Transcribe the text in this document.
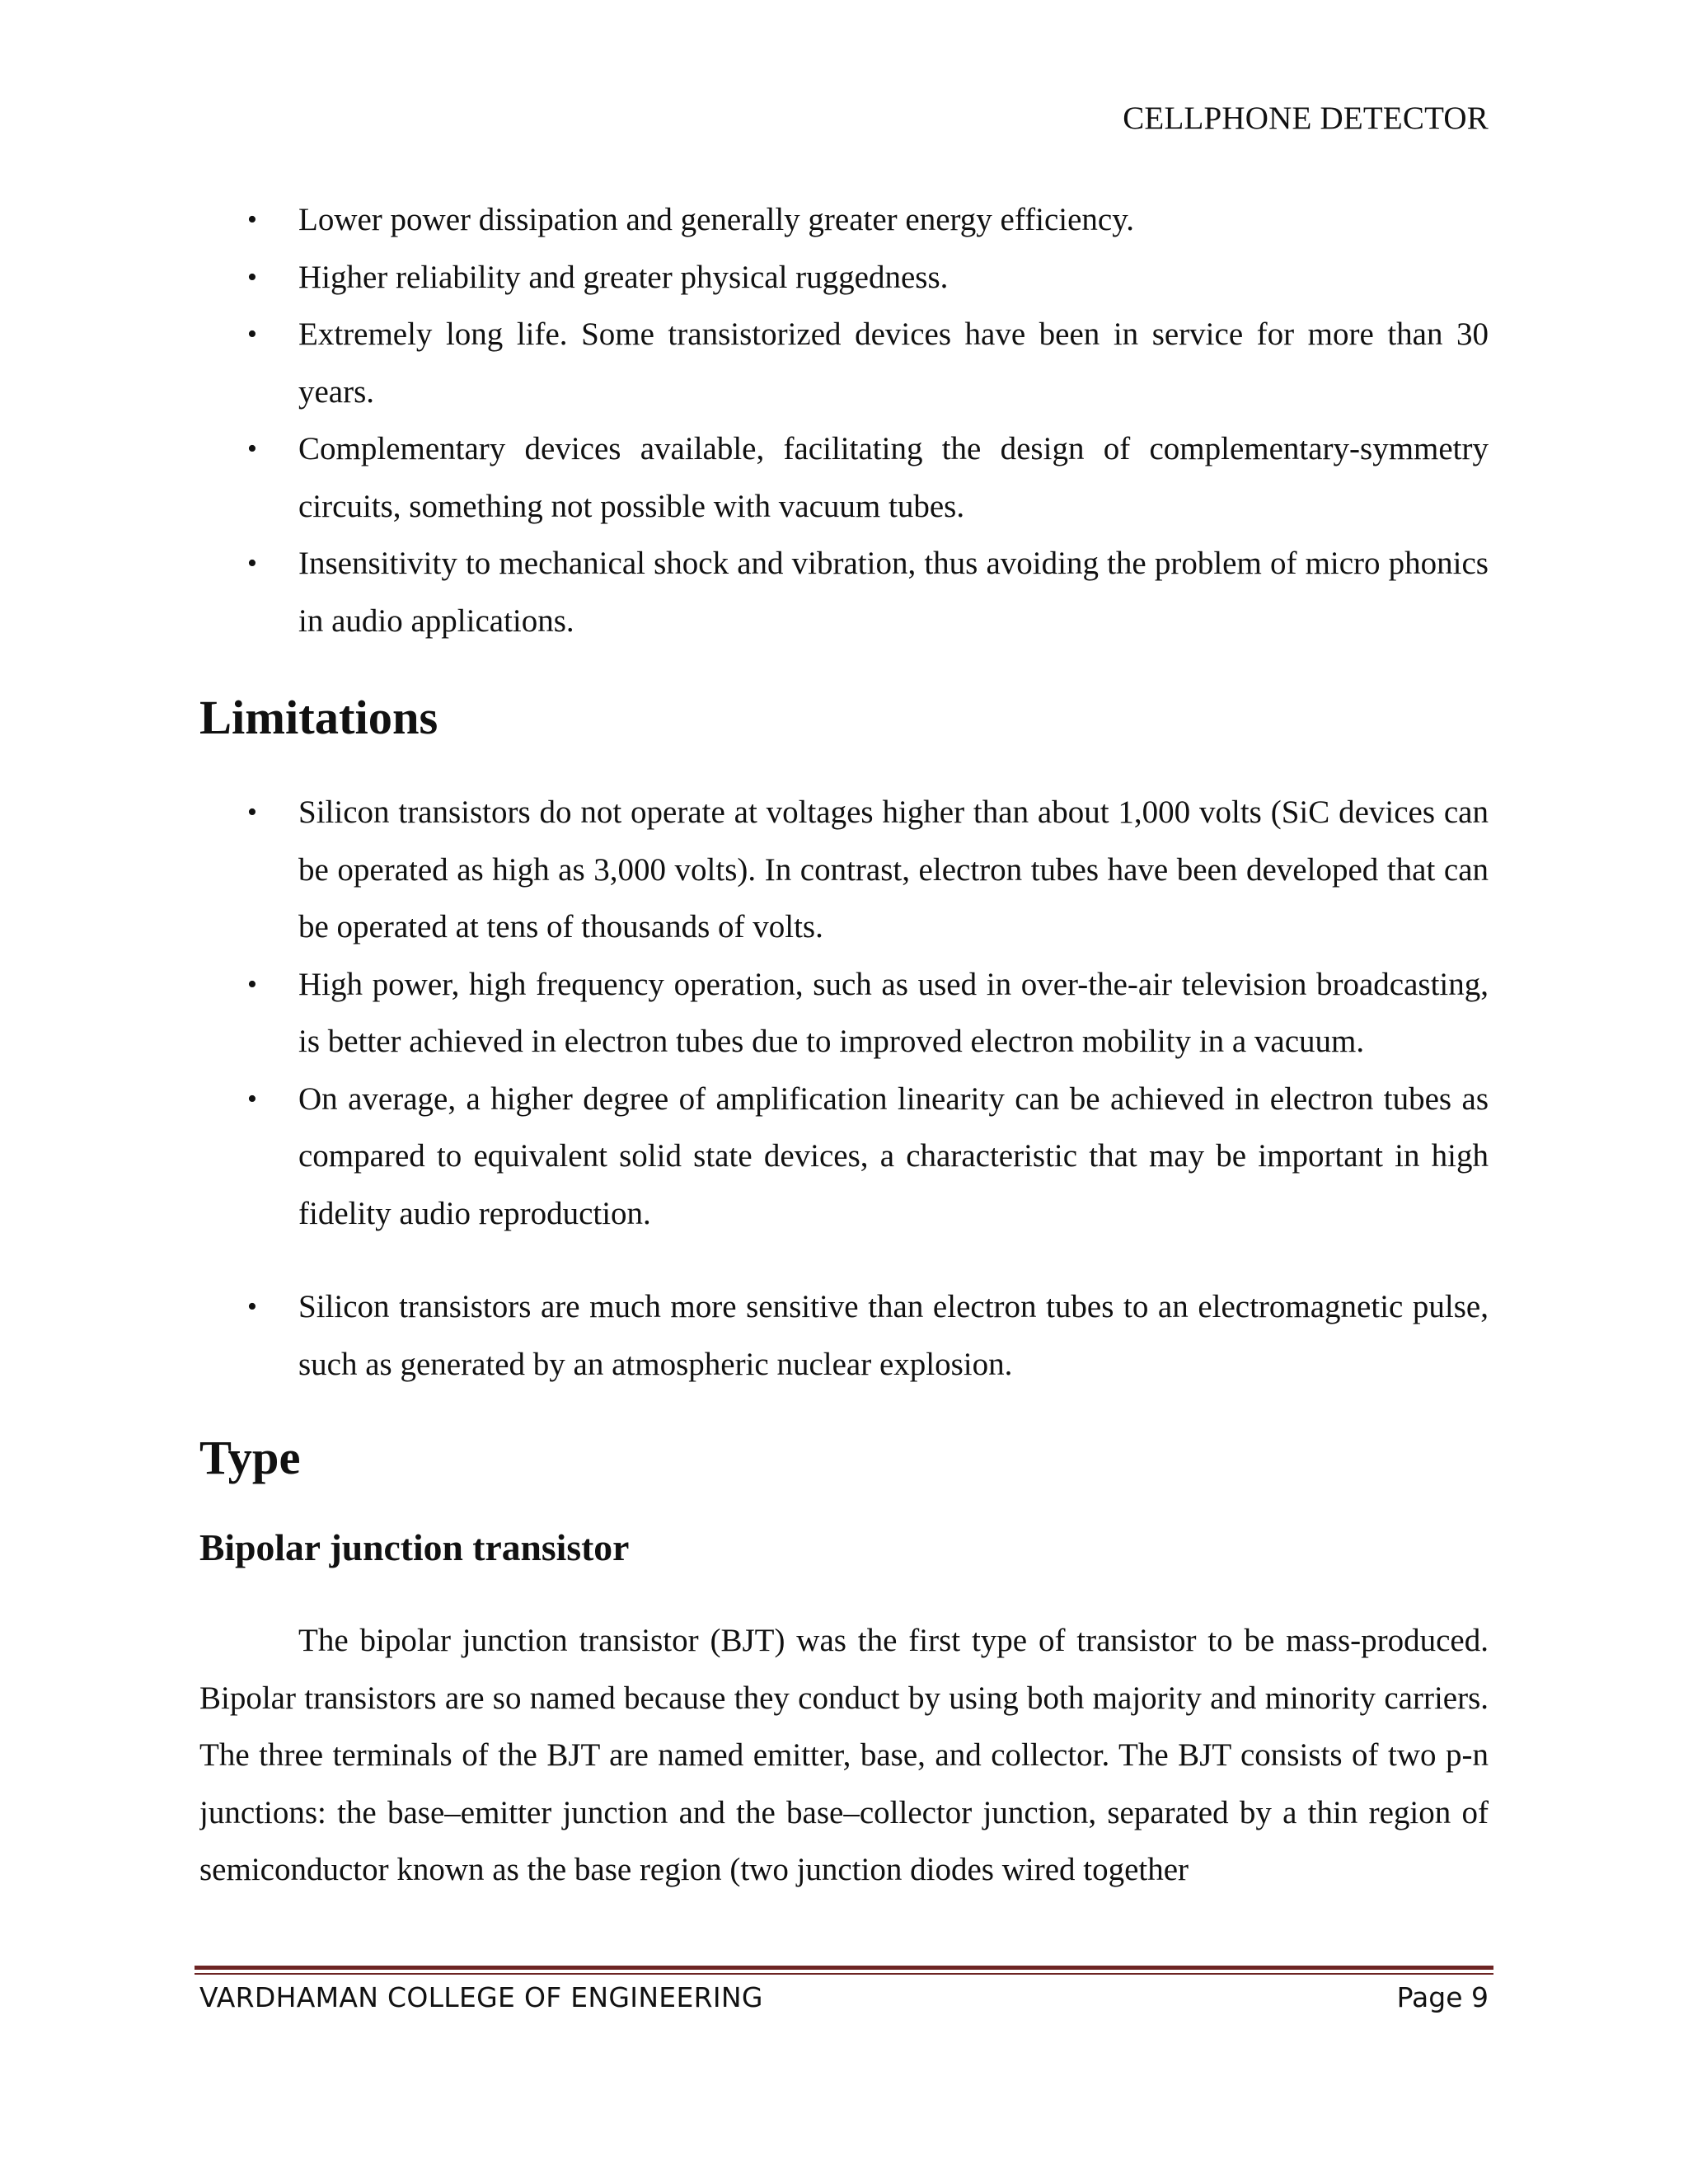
CELLPHONE DETECTOR
• Lower power dissipation and generally greater energy efficiency.
• Higher reliability and greater physical ruggedness.
• Extremely long life. Some transistorized devices have been in service for more than 30 years.
• Complementary devices available, facilitating the design of complementary-symmetry circuits, something not possible with vacuum tubes.
• Insensitivity to mechanical shock and vibration, thus avoiding the problem of micro phonics in audio applications.
Limitations
• Silicon transistors do not operate at voltages higher than about 1,000 volts (SiC devices can be operated as high as 3,000 volts). In contrast, electron tubes have been developed that can be operated at tens of thousands of volts.
• High power, high frequency operation, such as used in over-the-air television broadcasting, is better achieved in electron tubes due to improved electron mobility in a vacuum.
• On average, a higher degree of amplification linearity can be achieved in electron tubes as compared to equivalent solid state devices, a characteristic that may be important in high fidelity audio reproduction.
• Silicon transistors are much more sensitive than electron tubes to an electromagnetic pulse, such as generated by an atmospheric nuclear explosion.
Type
Bipolar junction transistor

The bipolar junction transistor (BJT) was the first type of transistor to be mass-produced. Bipolar transistors are so named because they conduct by using both majority and minority carriers. The three terminals of the BJT are named emitter, base, and collector. The BJT consists of two p-n junctions: the base–emitter junction and the base–collector junction, separated by a thin region of semiconductor known as the base region (two junction diodes wired together

VARDHAMAN COLLEGE OF ENGINEERING	Page 9
